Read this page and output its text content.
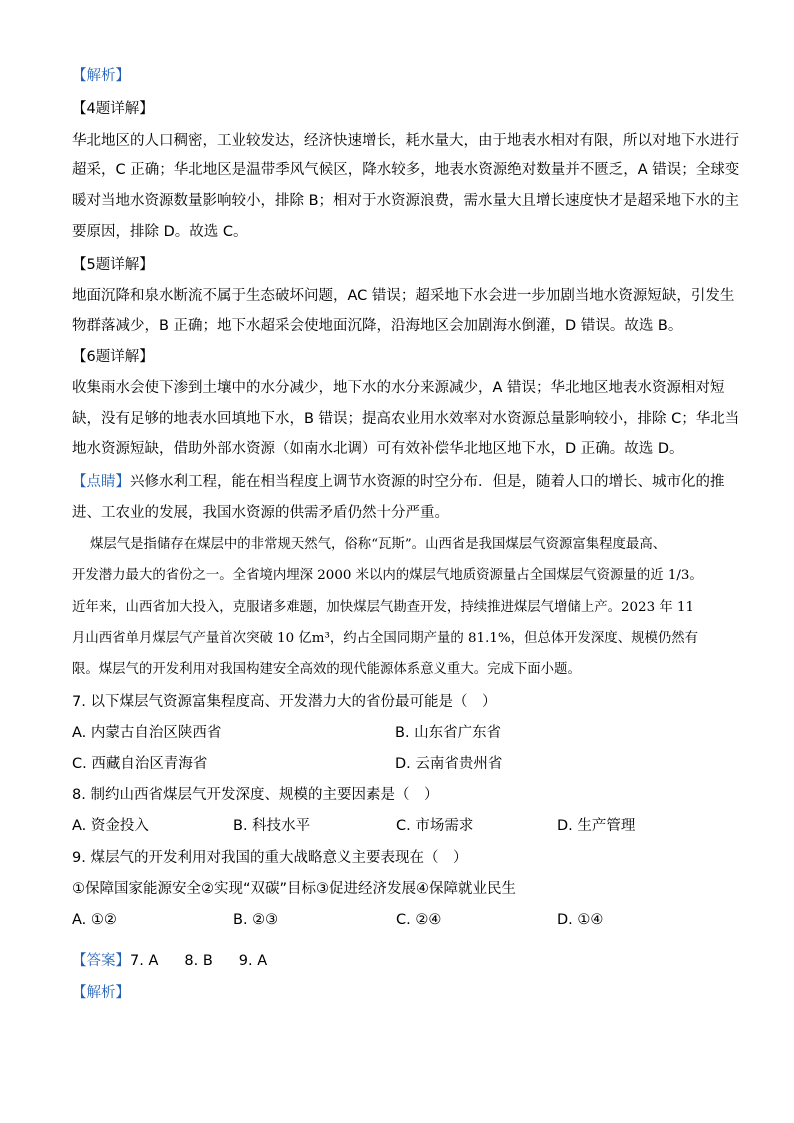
【解析】
【4题详解】
华北地区的人口稠密，工业较发达，经济快速增长，耗水量大，由于地表水相对有限，所以对地下水进行
超采，C 正确；华北地区是温带季风气候区，降水较多，地表水资源绝对数量并不匮乏，A 错误；全球变
暖对当地水资源数量影响较小，排除 B；相对于水资源浪费，需水量大且增长速度快才是超采地下水的主
要原因，排除 D。故选 C。
【5题详解】
地面沉降和泉水断流不属于生态破坏问题，AC 错误；超采地下水会进一步加剧当地水资源短缺，引发生
物群落减少，B 正确；地下水超采会使地面沉降，沿海地区会加剧海水倒灌，D 错误。故选 B。
【6题详解】
收集雨水会使下渗到土壤中的水分减少，地下水的水分来源减少，A 错误；华北地区地表水资源相对短
缺，没有足够的地表水回填地下水，B 错误；提高农业用水效率对水资源总量影响较小，排除 C；华北当
地水资源短缺，借助外部水资源（如南水北调）可有效补偿华北地区地下水，D 正确。故选 D。
【点睛】兴修水利工程，能在相当程度上调节水资源的时空分布．但是，随着人口的增长、城市化的推
进、工农业的发展，我国水资源的供需矛盾仍然十分严重。
煤层气是指储存在煤层中的非常规天然气，俗称“瓦斯”。山西省是我国煤层气资源富集程度最高、
开发潜力最大的省份之一。全省境内埋深 2000 米以内的煤层气地质资源量占全国煤层气资源量的近 1/3。
近年来，山西省加大投入，克服诸多难题，加快煤层气勘查开发，持续推进煤层气增储上产。2023 年 11
月山西省单月煤层气产量首次突破 10 亿m³，约占全国同期产量的 81.1%，但总体开发深度、规模仍然有
限。煤层气的开发利用对我国构建安全高效的现代能源体系意义重大。完成下面小题。
7. 以下煤层气资源富集程度高、开发潜力大的省份最可能是（　）
A. 内蒙古自治区陕西省	B. 山东省广东省
C. 西藏自治区青海省	D. 云南省贵州省
8. 制约山西省煤层气开发深度、规模的主要因素是（　）
A. 资金投入	B. 科技水平	C. 市场需求	D. 生产管理
9. 煤层气的开发利用对我国的重大战略意义主要表现在（　）
①保障国家能源安全②实现“双碳”目标③促进经济发展④保障就业民生
A. ①②	B. ②③	C. ②④	D. ①④
【答案】7. A 8. B 9. A
【解析】
